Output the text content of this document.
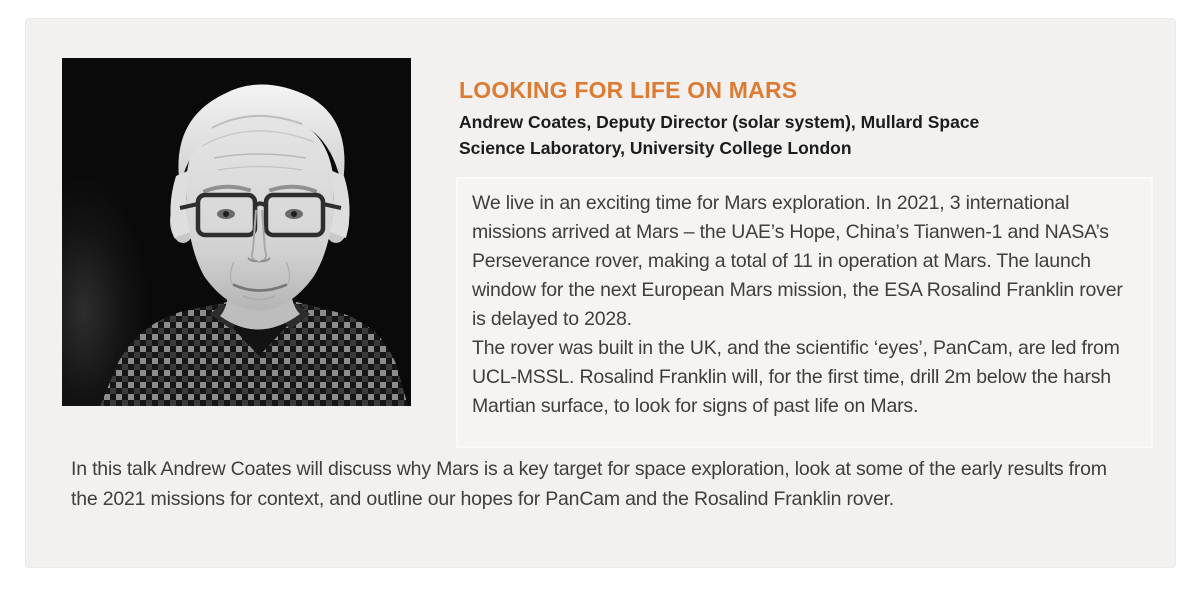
LOOKING FOR LIFE ON MARS
Andrew Coates, Deputy Director (solar system), Mullard Space Science Laboratory, University College London

We live in an exciting time for Mars exploration. In 2021, 3 international missions arrived at Mars – the UAE’s Hope, China’s Tianwen-1 and NASA’s Perseverance rover, making a total of 11 in operation at Mars. The launch window for the next European Mars mission, the ESA Rosalind Franklin rover is delayed to 2028.

The rover was built in the UK, and the scientific ‘eyes’, PanCam, are led from UCL-MSSL. Rosalind Franklin will, for the first time, drill 2m below the harsh Martian surface, to look for signs of past life on Mars.

In this talk Andrew Coates will discuss why Mars is a key target for space exploration, look at some of the early results from the 2021 missions for context, and outline our hopes for PanCam and the Rosalind Franklin rover.
